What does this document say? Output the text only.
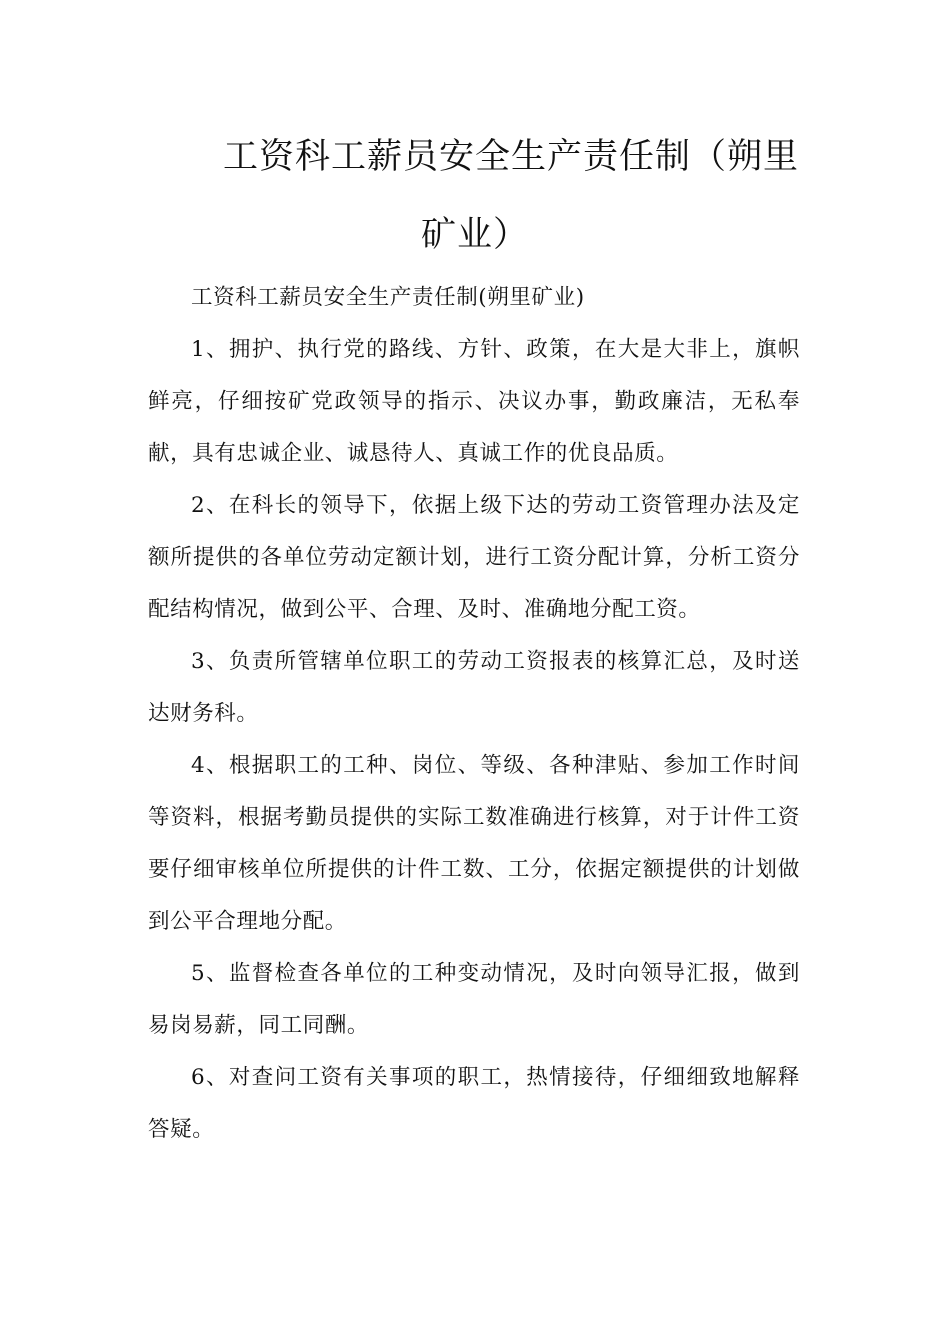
工资科工薪员安全生产责任制（朔里矿业）

工资科工薪员安全生产责任制(朔里矿业)

1、拥护、执行党的路线、方针、政策，在大是大非上，旗帜鲜亮，仔细按矿党政领导的指示、决议办事，勤政廉洁，无私奉献，具有忠诚企业、诚恳待人、真诚工作的优良品质。

2、在科长的领导下，依据上级下达的劳动工资管理办法及定额所提供的各单位劳动定额计划，进行工资分配计算，分析工资分配结构情况，做到公平、合理、及时、准确地分配工资。

3、负责所管辖单位职工的劳动工资报表的核算汇总，及时送达财务科。

4、根据职工的工种、岗位、等级、各种津贴、参加工作时间等资料，根据考勤员提供的实际工数准确进行核算，对于计件工资要仔细审核单位所提供的计件工数、工分，依据定额提供的计划做到公平合理地分配。

5、监督检查各单位的工种变动情况，及时向领导汇报，做到易岗易薪，同工同酬。

6、对查问工资有关事项的职工，热情接待，仔细细致地解释答疑。
